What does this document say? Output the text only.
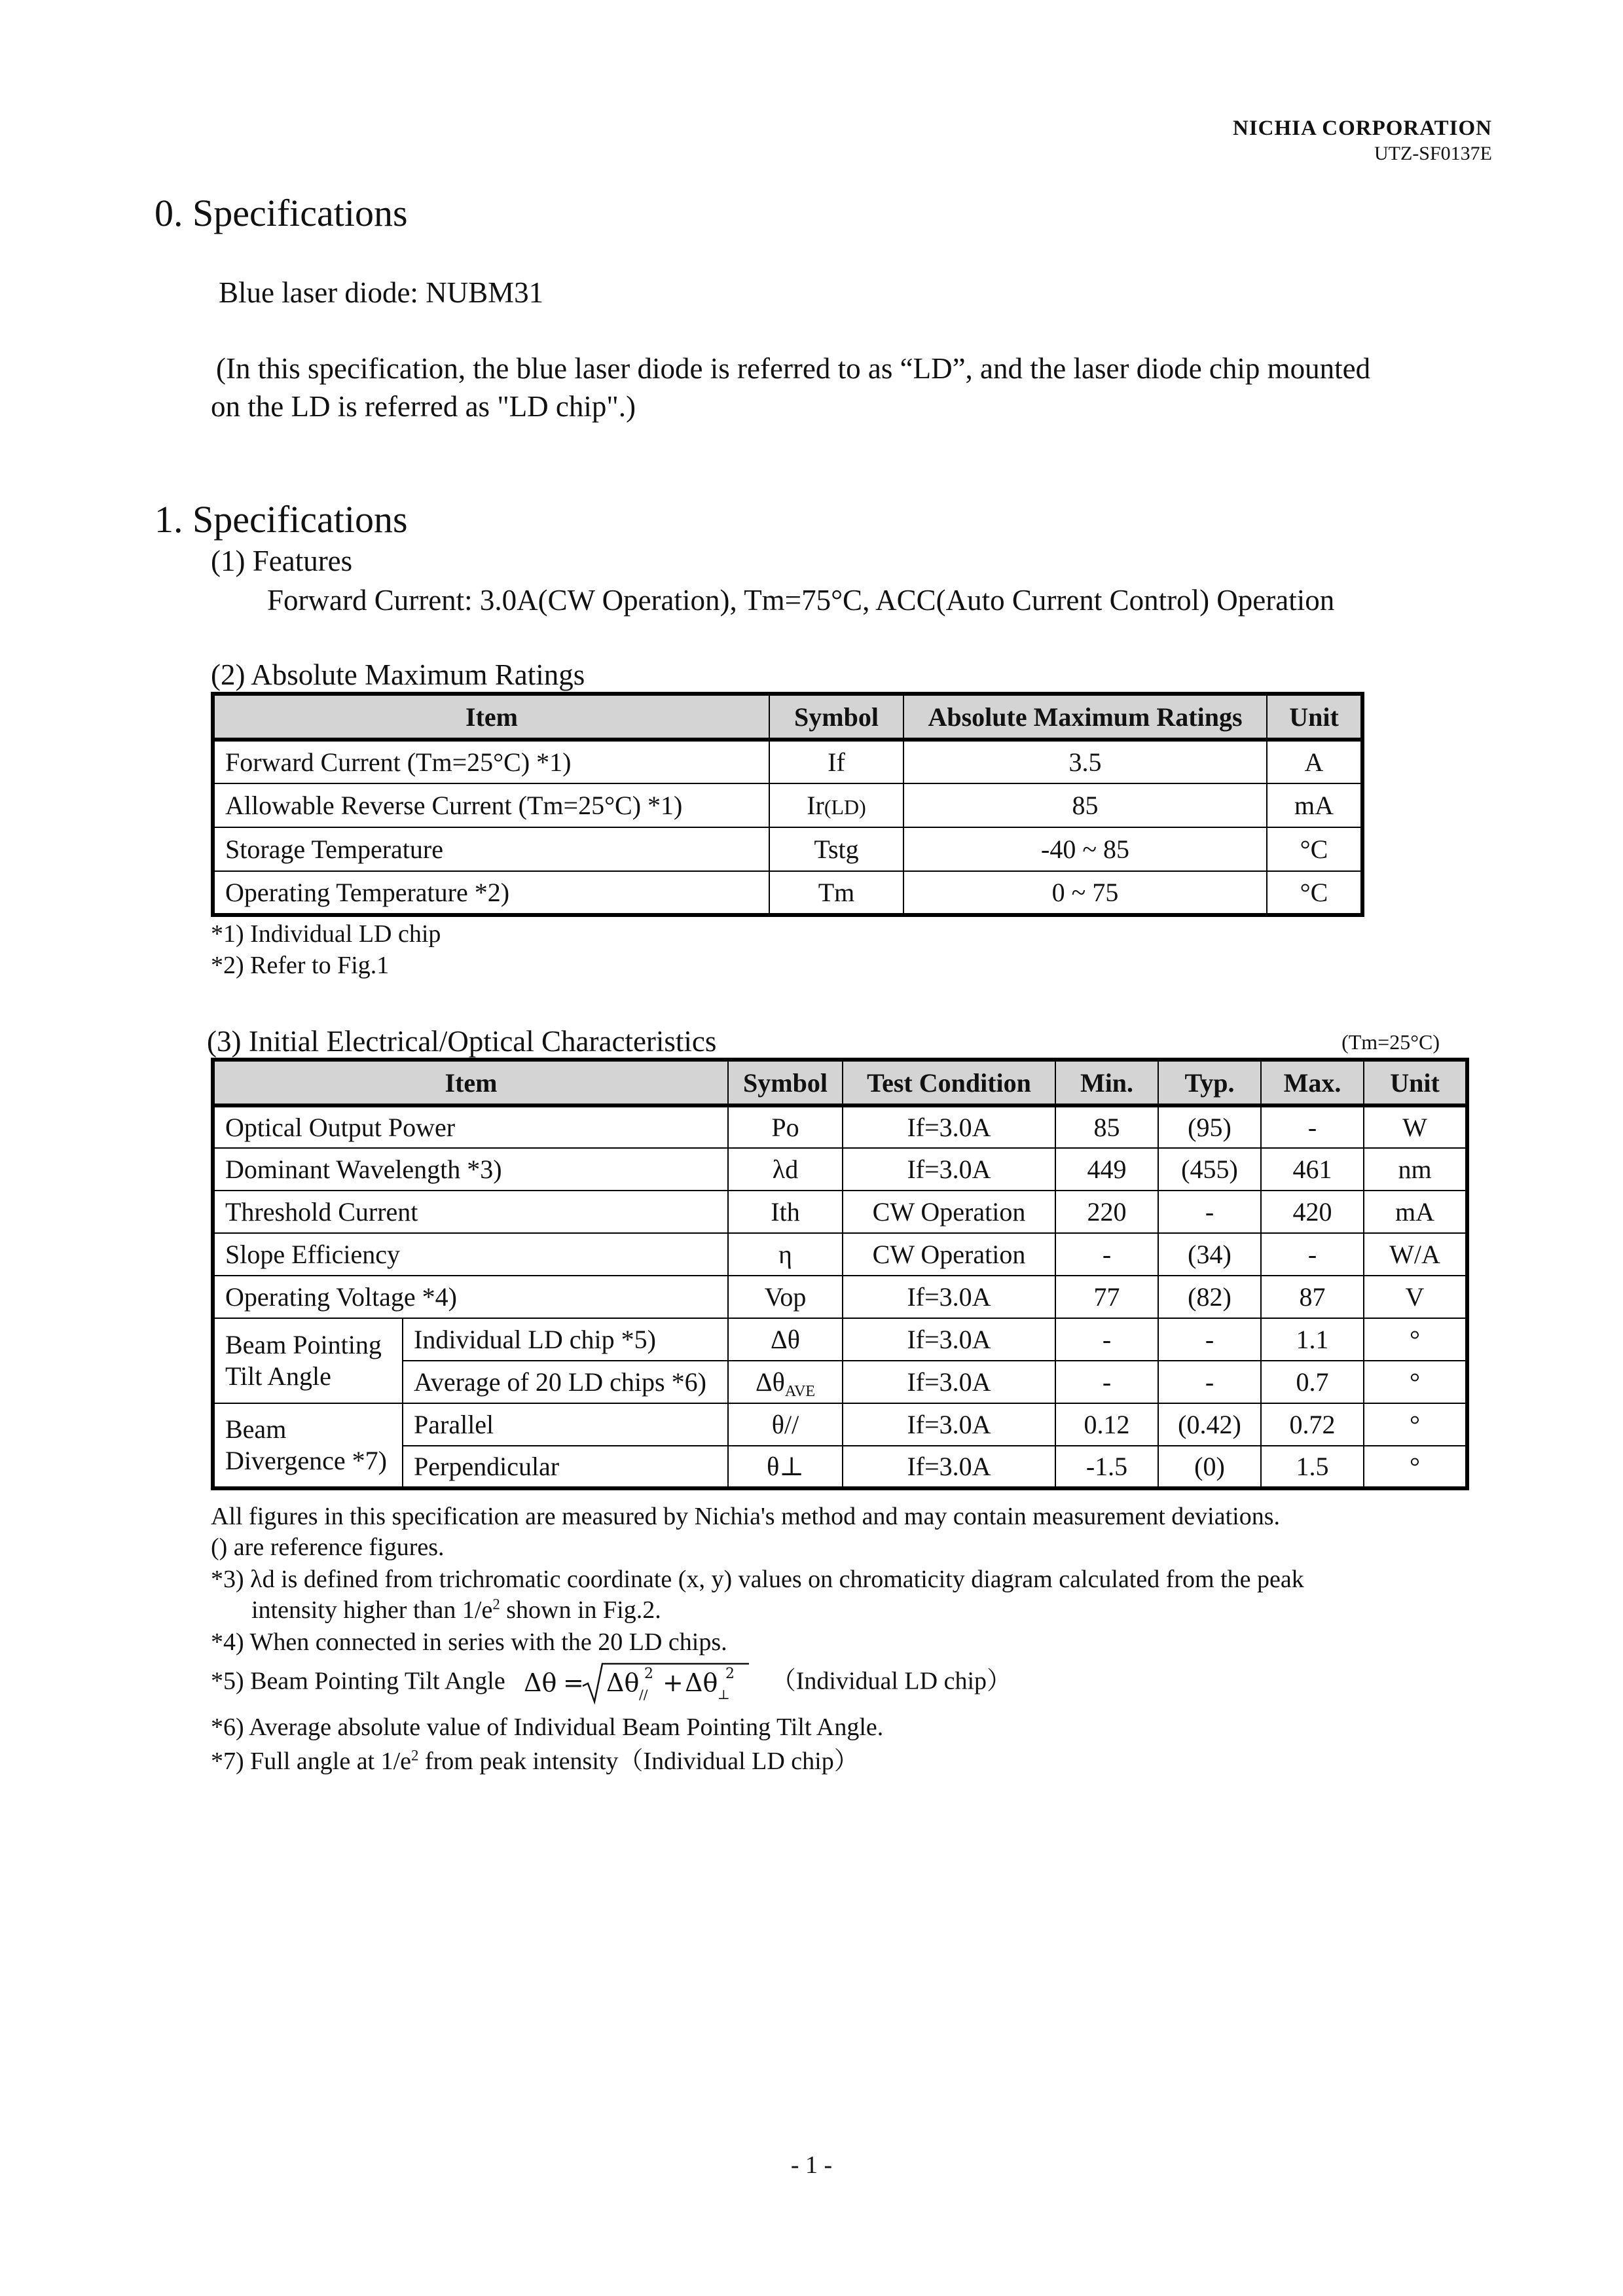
NICHIA CORPORATION
UTZ-SF0137E
0. Specifications
Blue laser diode: NUBM31
(In this specification, the blue laser diode is referred to as “LD”, and the laser diode chip mounted
on the LD is referred as "LD chip".)
1. Specifications
(1) Features
Forward Current: 3.0A(CW Operation), Tm=75°C, ACC(Auto Current Control) Operation
(2) Absolute Maximum Ratings
Item	Symbol	Absolute Maximum Ratings	Unit
Forward Current (Tm=25°C) *1)	If	3.5	A
Allowable Reverse Current (Tm=25°C) *1)	Ir(LD)	85	mA
Storage Temperature	Tstg	-40 ~ 85	°C
Operating Temperature *2)	Tm	0 ~ 75	°C
*1) Individual LD chip
*2) Refer to Fig.1
(3) Initial Electrical/Optical Characteristics	(Tm=25°C)
Item		Symbol	Test Condition	Min.	Typ.	Max.	Unit
Optical Output Power		Po	If=3.0A	85	(95)	-	W
Dominant Wavelength *3)		λd	If=3.0A	449	(455)	461	nm
Threshold Current		Ith	CW Operation	220	-	420	mA
Slope Efficiency		η	CW Operation	-	(34)	-	W/A
Operating Voltage *4)		Vop	If=3.0A	77	(82)	87	V
Beam Pointing Tilt Angle	Individual LD chip *5)	Δθ	If=3.0A	-	-	1.1	°
	Average of 20 LD chips *6)	$\Delta\theta_{AVE}$	If=3.0A	-	-	0.7	°
Beam Divergence *7)	Parallel	θ//	If=3.0A	0.12	(0.42)	0.72	°
	Perpendicular	θ⊥	If=3.0A	-1.5	(0)	1.5	°
All figures in this specification are measured by Nichia's method and may contain measurement deviations.
() are reference figures.
*3) λd is defined from trichromatic coordinate (x, y) values on chromaticity diagram calculated from the peak
intensity higher than $1/e^2$ shown in Fig.2.
*4) When connected in series with the 20 LD chips.
*5) Beam Pointing Tilt Angle Δθ = Δθ //
2 + Δθ ⊥
2 （Individual LD chip）
*6) Average absolute value of Individual Beam Pointing Tilt Angle.
*7) Full angle at $1/e^2$ from peak intensity（Individual LD chip）
- 1 -
